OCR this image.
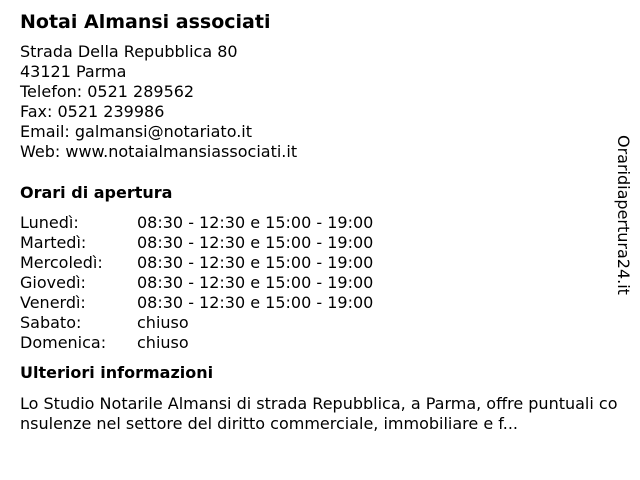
Notai Almansi associati
Strada Della Repubblica 80
43121 Parma
Telefon: 0521 289562
Fax: 0521 239986
Email: galmansi@notariato.it
Web: www.notaialmansiassociati.it
Orari di apertura
Lunedì:	08:30 - 12:30 e 15:00 - 19:00
Martedì:	08:30 - 12:30 e 15:00 - 19:00
Mercoledì:	08:30 - 12:30 e 15:00 - 19:00
Giovedì:	08:30 - 12:30 e 15:00 - 19:00
Venerdì:	08:30 - 12:30 e 15:00 - 19:00
Sabato:	chiuso
Domenica:	chiuso
Ulteriori informazioni

Lo Studio Notarile Almansi di strada Repubblica, a Parma, offre puntuali consulenze nel settore del diritto commerciale, immobiliare e f...

Oraridiapertura24.it
